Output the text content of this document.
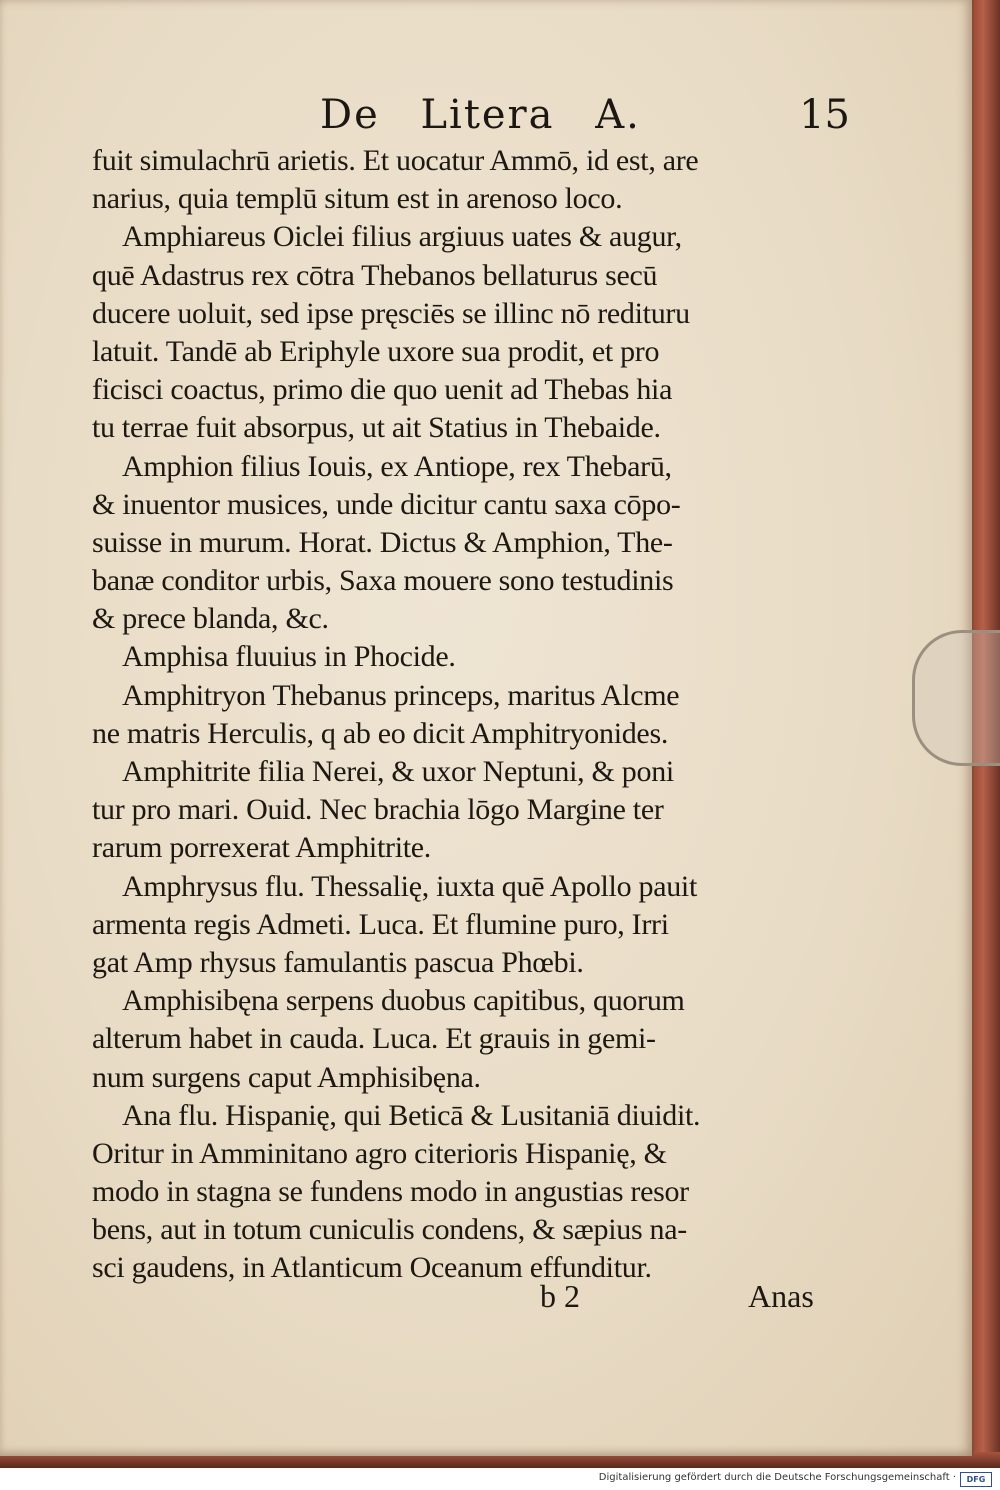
De Litera A.	15
fuit simulachrū arietis. Et uocatur Ammō, id est, are
narius, quia templū situm est in arenoso loco.
Amphiareus Oiclei filius argiuus uates & augur,
quē Adastrus rex cōtra Thebanos bellaturus secū
ducere uoluit, sed ipse pręsciēs se illinc nō redituru
latuit. Tandē ab Eriphyle uxore sua prodit, et pro
ficisci coactus, primo die quo uenit ad Thebas hia
tu terrae fuit absorpus, ut ait Statius in Thebaide.
Amphion filius Iouis, ex Antiope, rex Thebarū,
& inuentor musices, unde dicitur cantu saxa cōpo-
suisse in murum. Horat. Dictus & Amphion, The-
banæ conditor urbis, Saxa mouere sono testudinis
& prece blanda, &c.
Amphisa fluuius in Phocide.
Amphitryon Thebanus princeps, maritus Alcme
ne matris Herculis, q ab eo dicit Amphitryonides.
Amphitrite filia Nerei, & uxor Neptuni, & poni
tur pro mari. Ouid. Nec brachia lōgo Margine ter
rarum porrexerat Amphitrite.
Amphrysus flu. Thessalię, iuxta quē Apollo pauit
armenta regis Admeti. Luca. Et flumine puro, Irri
gat Amp rhysus famulantis pascua Phœbi.
Amphisibęna serpens duobus capitibus, quorum
alterum habet in cauda. Luca. Et grauis in gemi-
num surgens caput Amphisibęna.
Ana flu. Hispanię, qui Beticā & Lusitaniā diuidit.
Oritur in Amminitano agro citerioris Hispanię, &
modo in stagna se fundens modo in angustias resor
bens, aut in totum cuniculis condens, & sæpius na-
sci gaudens, in Atlanticum Oceanum effunditur.
b 2	Anas
Digitalisierung gefördert durch die Deutsche Forschungsgemeinschaft ·	DFG
